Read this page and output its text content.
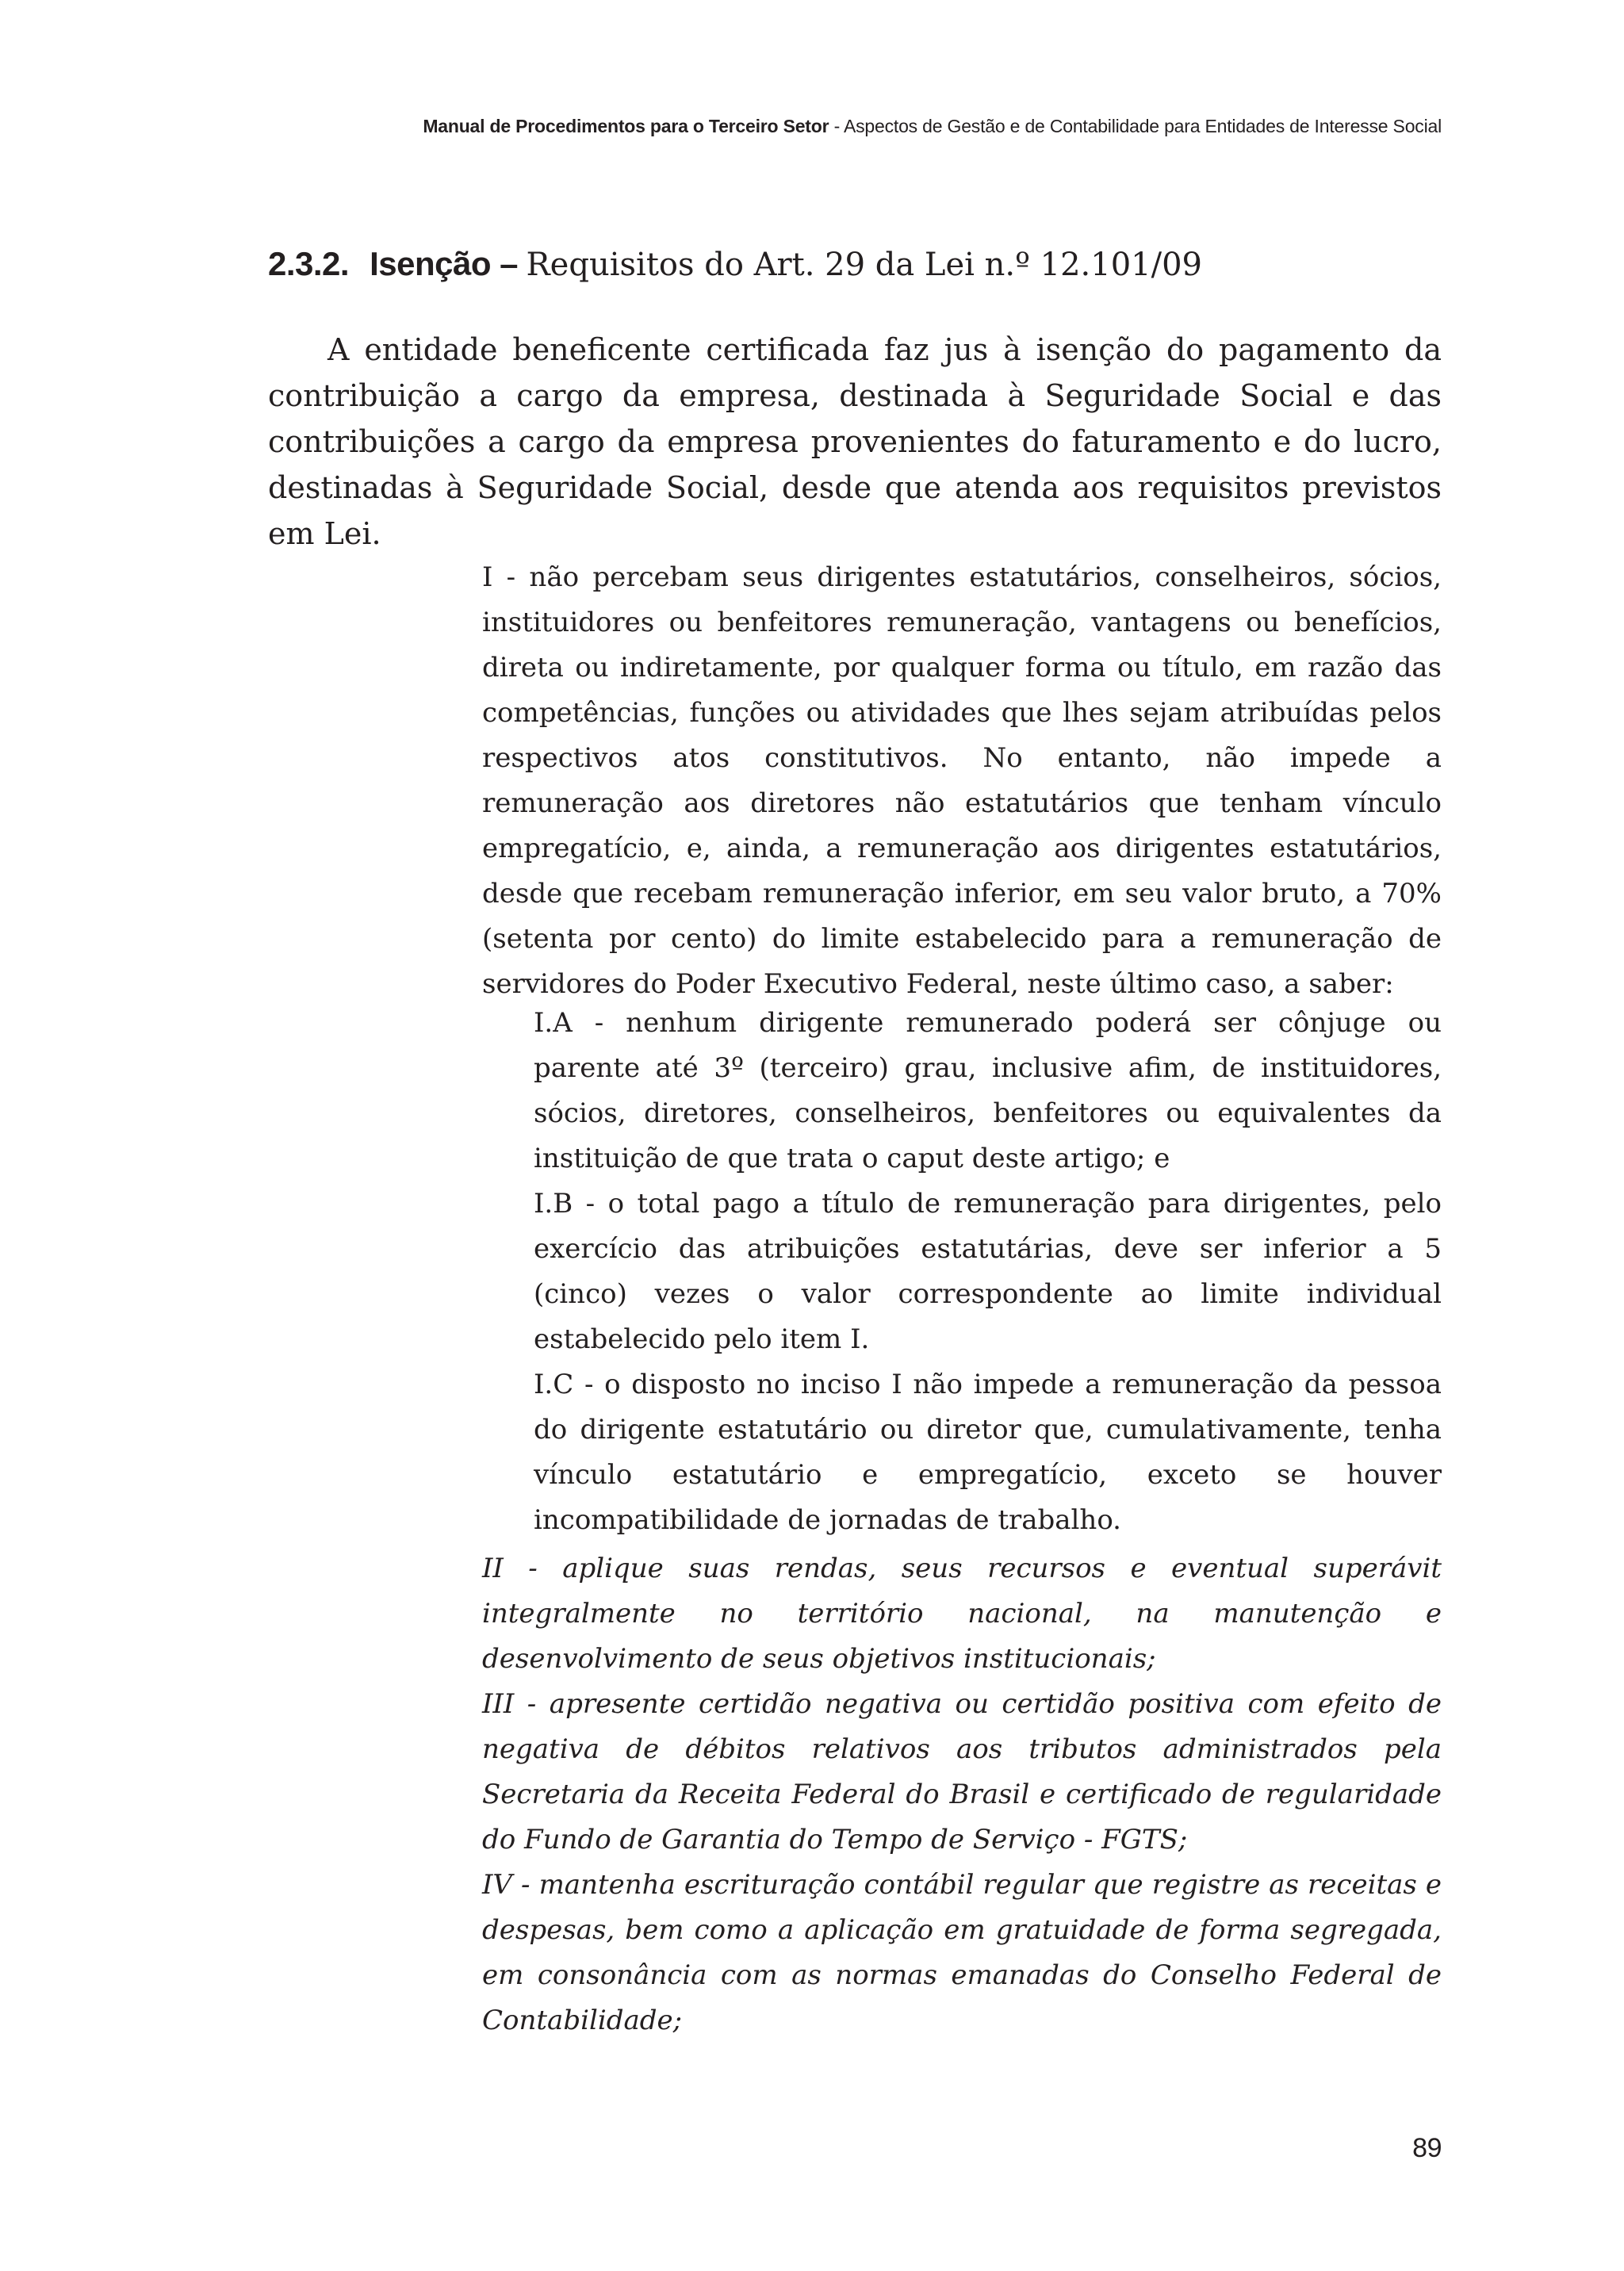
Manual de Procedimentos para o Terceiro Setor - Aspectos de Gestão e de Contabilidade para Entidades de Interesse Social
2.3.2. Isenção – Requisitos do Art. 29 da Lei n.º 12.101/09

A entidade beneficente certificada faz jus à isenção do pagamento da contribuição a cargo da empresa, destinada à Seguridade Social e das contribuições a cargo da empresa provenientes do faturamento e do lucro, destinadas à Seguridade Social, desde que atenda aos requisitos previstos em Lei.

I - não percebam seus dirigentes estatutários, conselheiros, sócios, instituidores ou benfeitores remuneração, vantagens ou benefícios, direta ou indiretamente, por qualquer forma ou título, em razão das competências, funções ou atividades que lhes sejam atribuídas pelos respectivos atos constitutivos. No entanto, não impede a remuneração aos diretores não estatutários que tenham vínculo empregatício, e, ainda, a remuneração aos dirigentes estatutários, desde que recebam remuneração inferior, em seu valor bruto, a 70% (setenta por cento) do limite estabelecido para a remuneração de servidores do Poder Executivo Federal, neste último caso, a saber:

I.A - nenhum dirigente remunerado poderá ser cônjuge ou parente até 3º (terceiro) grau, inclusive afim, de instituidores, sócios, diretores, conselheiros, benfeitores ou equivalentes da instituição de que trata o caput deste artigo; e

I.B - o total pago a título de remuneração para dirigentes, pelo exercício das atribuições estatutárias, deve ser inferior a 5 (cinco) vezes o valor correspondente ao limite individual estabelecido pelo item I.

I.C - o disposto no inciso I não impede a remuneração da pessoa do dirigente estatutário ou diretor que, cumulativamente, tenha vínculo estatutário e empregatício, exceto se houver incompatibilidade de jornadas de trabalho.

II - aplique suas rendas, seus recursos e eventual superávit integralmente no território nacional, na manutenção e desenvolvimento de seus objetivos institucionais;

III - apresente certidão negativa ou certidão positiva com efeito de negativa de débitos relativos aos tributos administrados pela Secretaria da Receita Federal do Brasil e certificado de regularidade do Fundo de Garantia do Tempo de Serviço - FGTS;

IV - mantenha escrituração contábil regular que registre as receitas e despesas, bem como a aplicação em gratuidade de forma segregada, em consonância com as normas emanadas do Conselho Federal de Contabilidade;

89
